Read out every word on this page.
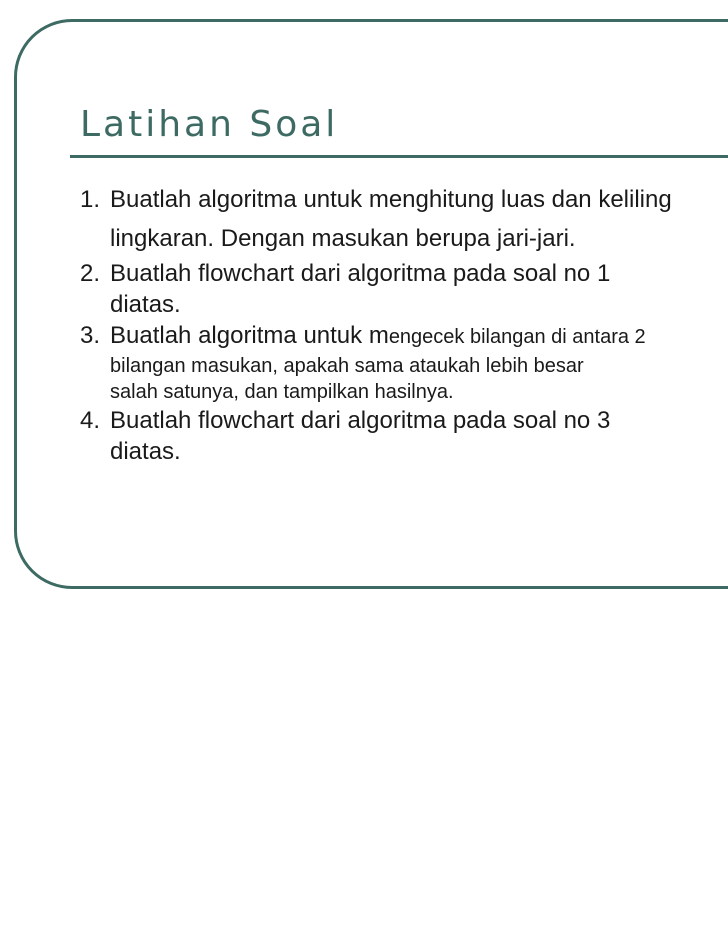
Latihan Soal
1. Buatlah algoritma untuk menghitung luas dan keliling
lingkaran. Dengan masukan berupa jari-jari.
2. Buatlah flowchart dari algoritma pada soal no 1
diatas.
3. Buatlah algoritma untuk mengecek bilangan di antara 2
bilangan masukan, apakah sama ataukah lebih besar
salah satunya, dan tampilkan hasilnya.
4. Buatlah flowchart dari algoritma pada soal no 3
diatas.
